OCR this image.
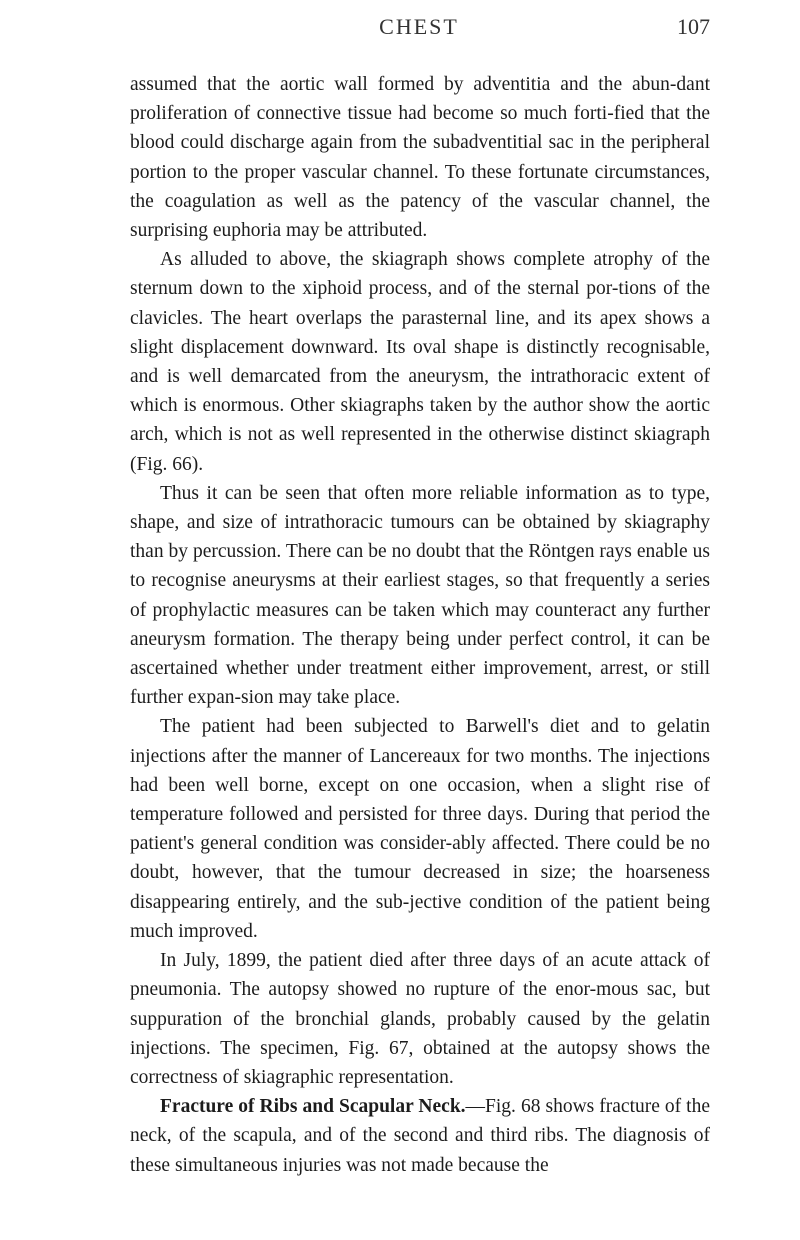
CHEST	107

assumed that the aortic wall formed by adventitia and the abun-dant proliferation of connective tissue had become so much forti-fied that the blood could discharge again from the subadventitial sac in the peripheral portion to the proper vascular channel. To these fortunate circumstances, the coagulation as well as the patency of the vascular channel, the surprising euphoria may be attributed.

As alluded to above, the skiagraph shows complete atrophy of the sternum down to the xiphoid process, and of the sternal por-tions of the clavicles. The heart overlaps the parasternal line, and its apex shows a slight displacement downward. Its oval shape is distinctly recognisable, and is well demarcated from the aneurysm, the intrathoracic extent of which is enormous. Other skiagraphs taken by the author show the aortic arch, which is not as well represented in the otherwise distinct skiagraph (Fig. 66).

Thus it can be seen that often more reliable information as to type, shape, and size of intrathoracic tumours can be obtained by skiagraphy than by percussion. There can be no doubt that the Röntgen rays enable us to recognise aneurysms at their earliest stages, so that frequently a series of prophylactic measures can be taken which may counteract any further aneurysm formation. The therapy being under perfect control, it can be ascertained whether under treatment either improvement, arrest, or still further expan-sion may take place.

The patient had been subjected to Barwell's diet and to gelatin injections after the manner of Lancereaux for two months. The injections had been well borne, except on one occasion, when a slight rise of temperature followed and persisted for three days. During that period the patient's general condition was consider-ably affected. There could be no doubt, however, that the tumour decreased in size; the hoarseness disappearing entirely, and the sub-jective condition of the patient being much improved.

In July, 1899, the patient died after three days of an acute attack of pneumonia. The autopsy showed no rupture of the enor-mous sac, but suppuration of the bronchial glands, probably caused by the gelatin injections. The specimen, Fig. 67, obtained at the autopsy shows the correctness of skiagraphic representation.

Fracture of Ribs and Scapular Neck.—Fig. 68 shows fracture of the neck, of the scapula, and of the second and third ribs. The diagnosis of these simultaneous injuries was not made because the
